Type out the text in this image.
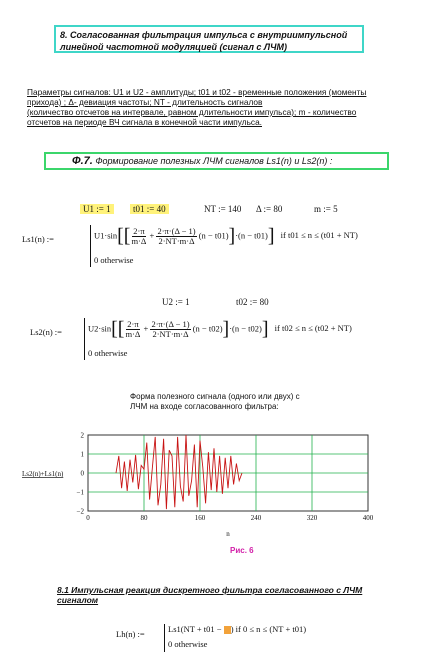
8. Согласованная фильтрация импульса с внутриимпульсной
линейной частотной модуляцией (сигнал с ЛЧМ)
Параметры сигналов: U1 и U2 - амплитуды; t01 и t02 - временные положения (моменты
прихода) ; Δ- девиация частоты; NT - длительность сигналов
(количество отсчетов на интервале, равном длительности импульса); m - количество
отсчетов на периоде ВЧ сигнала в конечной части импульса.
Ф.7. Формирование полезных ЛЧМ сигналов Ls1(n) и Ls2(n) :
U1 := 1	t01 := 40	NT := 140 Δ := 80	m := 5
Ls1(n) :=	$U1\cdot\sin[[ \frac{2\cdot\pi}{m\cdot\Delta} + \frac{2\cdot\pi\cdot(\Delta - 1)}{2\cdot NT\cdot m\cdot\Delta} (n - t01)]\cdot(n - t01)]$ if t01 ≤ n ≤ (t01 + NT)
0 otherwise
U2 := 1	t02 := 80
Ls2(n) :=	$U2\cdot\sin[[ \frac{2\cdot\pi}{m\cdot\Delta} + \frac{2\cdot\pi\cdot(\Delta - 1)}{2\cdot NT\cdot m\cdot\Delta} (n - t02)]\cdot(n - t02)]$ if t02 ≤ n ≤ (t02 + NT)
0 otherwise
Форма полезного сигнала (одного или двух) с
ЛЧМ на входе согласованного фильтра:
0	80	160	240	320	400
2
1
0
−1
−2
Ls2(n)+Ls1(n)
n
Рис. 6
8.1 Импульсная реакция дискретного фильтра согласованного с ЛЧМ
сигналом
Lh(n) :=	Ls1(NT + t01 − ) if 0 ≤ n ≤ (NT + t01)
0 otherwise
